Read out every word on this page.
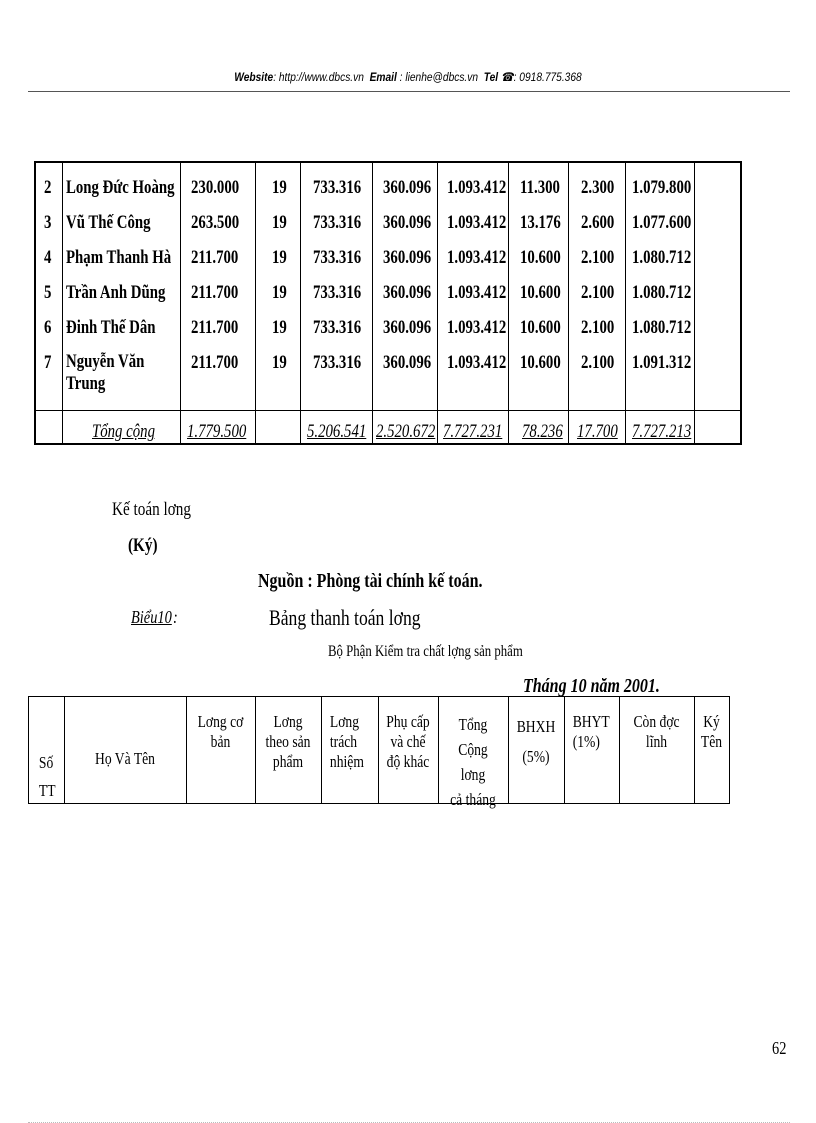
Website: http://www.dbcs.vn Email : lienhe@dbcs.vn Tel ☎: 0918.775.368
2 Long Đức Hoàng 230.000 19 733.316 360.096 1.093.412 11.300 2.300 1.079.800
3 Vũ Thế Công 263.500 19 733.316 360.096 1.093.412 13.176 2.600 1.077.600
4 Phạm Thanh Hà 211.700 19 733.316 360.096 1.093.412 10.600 2.100 1.080.712
5 Trần Anh Dũng 211.700 19 733.316 360.096 1.093.412 10.600 2.100 1.080.712
6 Đinh Thế Dân 211.700 19 733.316 360.096 1.093.412 10.600 2.100 1.080.712
7 Nguyễn Văn
Trung
211.700 19 733.316 360.096 1.093.412 10.600 2.100 1.091.312
Tổng cộng 1.779.500	5.206.541 2.520.672 7.727.231 78.236 17.700 7.727.213
Kế toán lơng
(Ký)
Nguồn : Phòng tài chính kế toán.
Biểu10 :	Bảng thanh toán lơng
Bộ Phận Kiểm tra chất lợng sản phẩm
Tháng 10 năm 2001.
Số
TT
Họ Và Tên
Lơng cơ
bản
Lơng
theo sản
phẩm
Lơng
trách
nhiệm
Phụ cấp
và chế
độ khác
Tổng
Cộng lơng
cả tháng
BHXH
(5%)
BHYT
(1%)
Còn đợc
lĩnh
Ký
Tên
62
